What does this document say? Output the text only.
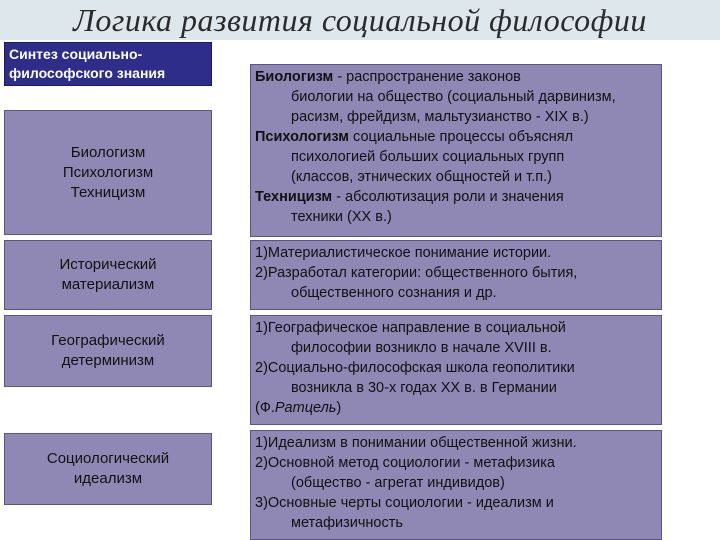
Логика развития социальной философии
Синтез социально-философского знания
Биологизм
Психологизм
Техницизм
Биологизм - распространение законов
биологии на общество (социальный дарвинизм,
расизм, фрейдизм, мальтузианство - XIX в.)
Психологизм социальные процессы объяснял
психологией больших социальных групп
(классов, этнических общностей и т.п.)
Техницизм - абсолютизация роли и значения
техники (XX в.)
Исторический
материализм
1)Материалистическое понимание истории.
2)Разработал категории: общественного бытия,
общественного сознания и др.
Географический
детерминизм
1)Географическое направление в социальной
философии возникло в начале XVIII в.
2)Социально-философская школа геополитики
возникла в 30-х годах XX в. в Германии
(Ф.Ратцель)
Социологический
идеализм
1)Идеализм в понимании общественной жизни.
2)Основной метод социологии - метафизика
(общество - агрегат индивидов)
3)Основные черты социологии - идеализм и
метафизичность
